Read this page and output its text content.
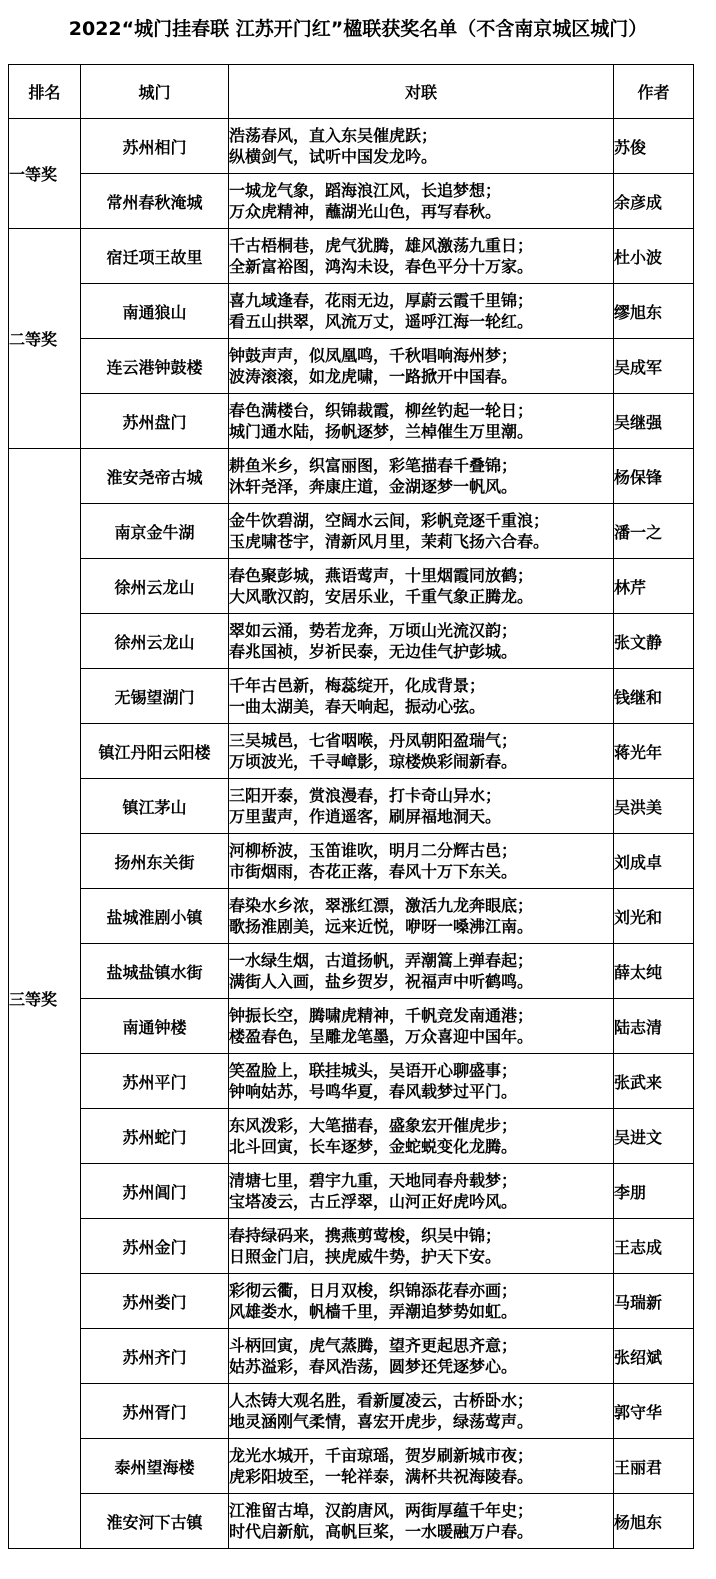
2022“城门挂春联 江苏开门红”楹联获奖名单（不含南京城区城门）
排名	城门	对联	作者
一等奖	苏州相门	浩荡春风，直入东吴催虎跃；
纵横剑气，试听中国发龙吟。	苏俊
	常州春秋淹城	一城龙气象，蹈海浪江风，长追梦想；
万众虎精神，蘸湖光山色，再写春秋。	余彦成
二等奖	宿迁项王故里	千古梧桐巷，虎气犹腾，雄风激荡九重日；
全新富裕图，鸿沟未设，春色平分十万家。	杜小波
	南通狼山	喜九域逢春，花雨无边，厚蔚云霞千里锦；
看五山拱翠，风流万丈，遥呼江海一轮红。	缪旭东
	连云港钟鼓楼	钟鼓声声，似凤凰鸣，千秋唱响海州梦；
波涛滚滚，如龙虎啸，一路掀开中国春。	吴成军
	苏州盘门	春色满楼台，织锦裁霞，柳丝钓起一轮日；
城门通水陆，扬帆逐梦，兰棹催生万里潮。	吴继强
三等奖	淮安尧帝古城	耕鱼米乡，织富丽图，彩笔描春千叠锦；
沐轩尧泽，奔康庄道，金湖逐梦一帆风。	杨保锋
	南京金牛湖	金牛饮碧湖，空阔水云间，彩帆竞逐千重浪；
玉虎啸苍宇，清新风月里，茉莉飞扬六合春。	潘一之
	徐州云龙山	春色聚彭城，燕语莺声，十里烟霞同放鹤；
大风歌汉韵，安居乐业，千重气象正腾龙。	林芹
	徐州云龙山	翠如云涌，势若龙奔，万顷山光流汉韵；
春兆国祯，岁祈民泰，无边佳气护彭城。	张文静
	无锡望湖门	千年古邑新，梅蕊绽开，化成背景；
一曲太湖美，春天响起，振动心弦。	钱继和
	镇江丹阳云阳楼	三吴城邑，七省咽喉，丹凤朝阳盈瑞气；
万顷波光，千寻嶂影，琼楼焕彩闹新春。	蒋光年
	镇江茅山	三阳开泰，赏浪漫春，打卡奇山异水；
万里蜚声，作逍遥客，刷屏福地洞天。	吴洪美
	扬州东关街	河柳桥波，玉笛谁吹，明月二分辉古邑；
市街烟雨，杏花正落，春风十万下东关。	刘成卓
	盐城淮剧小镇	春染水乡浓，翠涨红漂，激活九龙奔眼底；
歌扬淮剧美，远来近悦，咿呀一嗓沸江南。	刘光和
	盐城盐镇水街	一水绿生烟，古道扬帆，弄潮篙上弹春起；
满街人入画，盐乡贺岁，祝福声中听鹤鸣。	薛太纯
	南通钟楼	钟振长空，腾啸虎精神，千帆竞发南通港；
楼盈春色，呈雕龙笔墨，万众喜迎中国年。	陆志清
	苏州平门	笑盈脸上，联挂城头，吴语开心聊盛事；
钟响姑苏，号鸣华夏，春风载梦过平门。	张武来
	苏州蛇门	东风泼彩，大笔描春，盛象宏开催虎步；
北斗回寅，长车逐梦，金蛇蜕变化龙腾。	吴进文
	苏州阊门	清塘七里，碧宇九重，天地同春舟载梦；
宝塔凌云，古丘浮翠，山河正好虎吟风。	李朋
	苏州金门	春持绿码来，携燕剪莺梭，织吴中锦；
日照金门启，挟虎威牛势，护天下安。	王志成
	苏州娄门	彩彻云衢，日月双梭，织锦添花春亦画；
风雄娄水，帆樯千里，弄潮追梦势如虹。	马瑞新
	苏州齐门	斗柄回寅，虎气蒸腾，望齐更起思齐意；
姑苏溢彩，春风浩荡，圆梦还凭逐梦心。	张绍斌
	苏州胥门	人杰铸大观名胜，看新厦凌云，古桥卧水；
地灵涵刚气柔情，喜宏开虎步，绿荡莺声。	郭守华
	泰州望海楼	龙光水城开，千亩琼瑶，贺岁刷新城市夜；
虎彩阳坡至，一轮祥泰，满杯共祝海陵春。	王丽君
	淮安河下古镇	江淮留古埠，汉韵唐风，两街厚蕴千年史；
时代启新航，高帆巨桨，一水暖融万户春。	杨旭东
